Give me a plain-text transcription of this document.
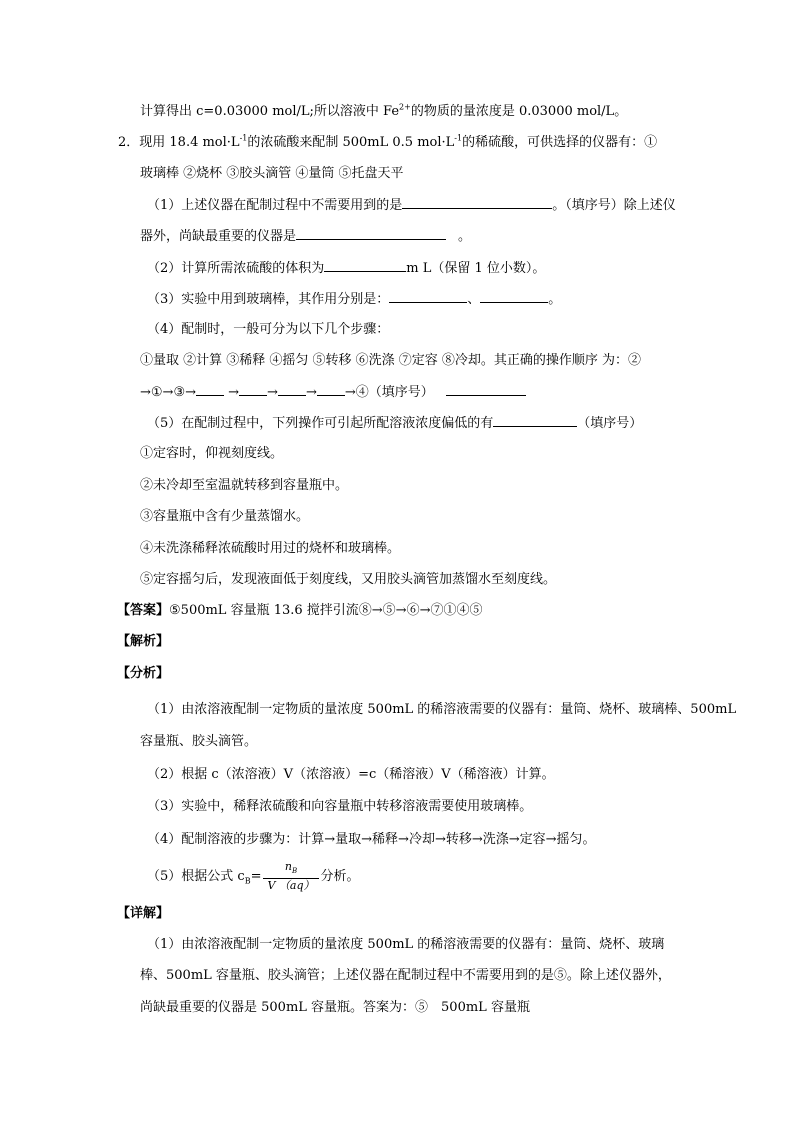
计算得出 c=0.03000 mol/L;所以溶液中 $Fe^{2+}$的物质的量浓度是 0.03000 mol/L。
2．现用 18.4 $mol\cdot L^{-1}$的浓硫酸来配制 500mL 0.5 $mol\cdot L^{-1}$的稀硫酸，可供选择的仪器有：①
玻璃棒 ②烧杯 ③胶头滴管 ④量筒 ⑤托盘天平
（1）上述仪器在配制过程中不需要用到的是	。（填序号）除上述仪
器外，尚缺最重要的仪器是	。
（2）计算所需浓硫酸的体积为	m L（保留 1 位小数）。
（3）实验中用到玻璃棒，其作用分别是：	、	。
（4）配制时，一般可分为以下几个步骤：
①量取 ②计算 ③稀释 ④摇匀 ⑤转移 ⑥洗涤 ⑦定容 ⑧冷却。其正确的操作顺序 为：②
→①→③→ → → → →④（填序号）
（5）在配制过程中，下列操作可引起所配溶液浓度偏低的有	（填序号）
①定容时，仰视刻度线。
②未冷却至室温就转移到容量瓶中。
③容量瓶中含有少量蒸馏水。
④未洗涤稀释浓硫酸时用过的烧杯和玻璃棒。
⑤定容摇匀后，发现液面低于刻度线，又用胶头滴管加蒸馏水至刻度线。
【答案】⑤500mL 容量瓶 13.6 搅拌引流⑧→⑤→⑥→⑦①④⑤
【解析】
【分析】
（1）由浓溶液配制一定物质的量浓度 500mL 的稀溶液需要的仪器有：量筒、烧杯、玻璃棒、500mL
容量瓶、胶头滴管。
（2）根据 c（浓溶液）V（浓溶液）=c（稀溶液）V（稀溶液）计算。
（3）实验中，稀释浓硫酸和向容量瓶中转移溶液需要使用玻璃棒。
（4）配制溶液的步骤为：计算→量取→稀释→冷却→转移→洗涤→定容→摇匀。
（5）根据公式 $c_B= \frac{n_B}{V (aq)}$ 分析。
【详解】
（1）由浓溶液配制一定物质的量浓度 500mL 的稀溶液需要的仪器有：量筒、烧杯、玻璃
棒、500mL 容量瓶、胶头滴管；上述仪器在配制过程中不需要用到的是⑤。除上述仪器外，
尚缺最重要的仪器是 500mL 容量瓶。答案为：⑤　500mL 容量瓶
